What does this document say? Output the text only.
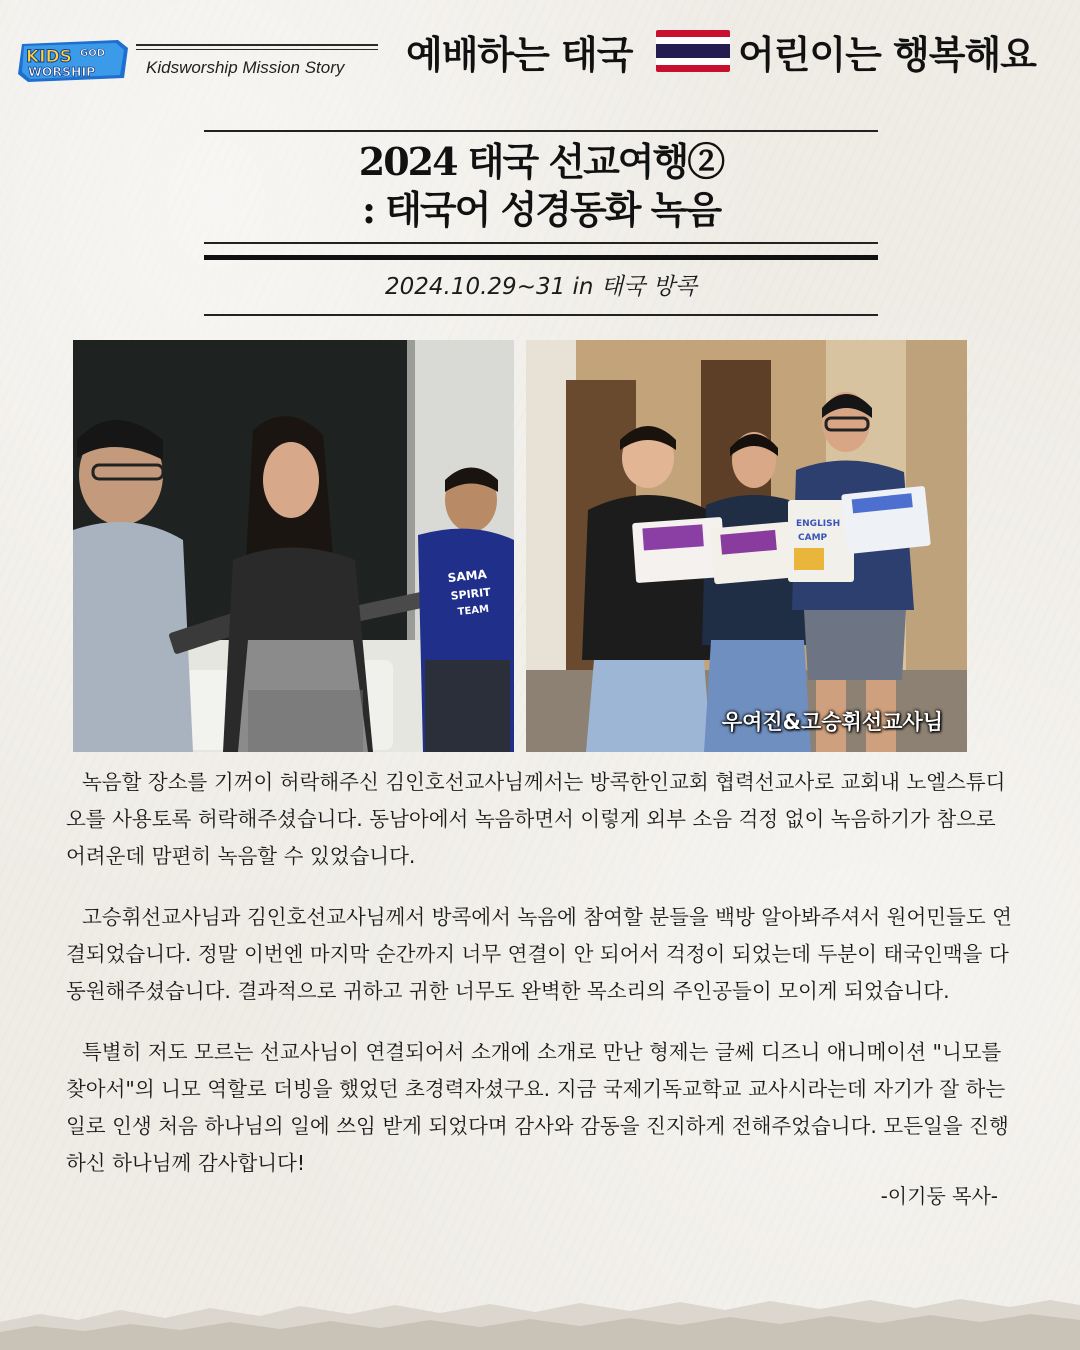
KIDS GOD
WORSHIP	Kidsworship Mission Story 예배하는 태국	어린이는 행복해요
2024 태국 선교여행②
: 태국어 성경동화 녹음
2024.10.29~31 in 태국 방콕
SAMA
SPIRIT
TEAM
ENGLISH
CAMP
우여진&고승휘선교사님

녹음할 장소를 기꺼이 허락해주신 김인호선교사님께서는 방콕한인교회 협력선교사로 교회내 노엘스튜디오를 사용토록 허락해주셨습니다. 동남아에서 녹음하면서 이렇게 외부 소음 걱정 없이 녹음하기가 참으로 어려운데 맘편히 녹음할 수 있었습니다.

고승휘선교사님과 김인호선교사님께서 방콕에서 녹음에 참여할 분들을 백방 알아봐주셔서 원어민들도 연결되었습니다. 정말 이번엔 마지막 순간까지 너무 연결이 안 되어서 걱정이 되었는데 두분이 태국인맥을 다 동원해주셨습니다. 결과적으로 귀하고 귀한 너무도 완벽한 목소리의 주인공들이 모이게 되었습니다.

특별히 저도 모르는 선교사님이 연결되어서 소개에 소개로 만난 형제는 글쎄 디즈니 애니메이션 "니모를 찾아서"의 니모 역할로 더빙을 했었던 초경력자셨구요. 지금 국제기독교학교 교사시라는데 자기가 잘 하는 일로 인생 처음 하나님의 일에 쓰임 받게 되었다며 감사와 감동을 진지하게 전해주었습니다. 모든일을 진행하신 하나님께 감사합니다!

-이기둥 목사-
